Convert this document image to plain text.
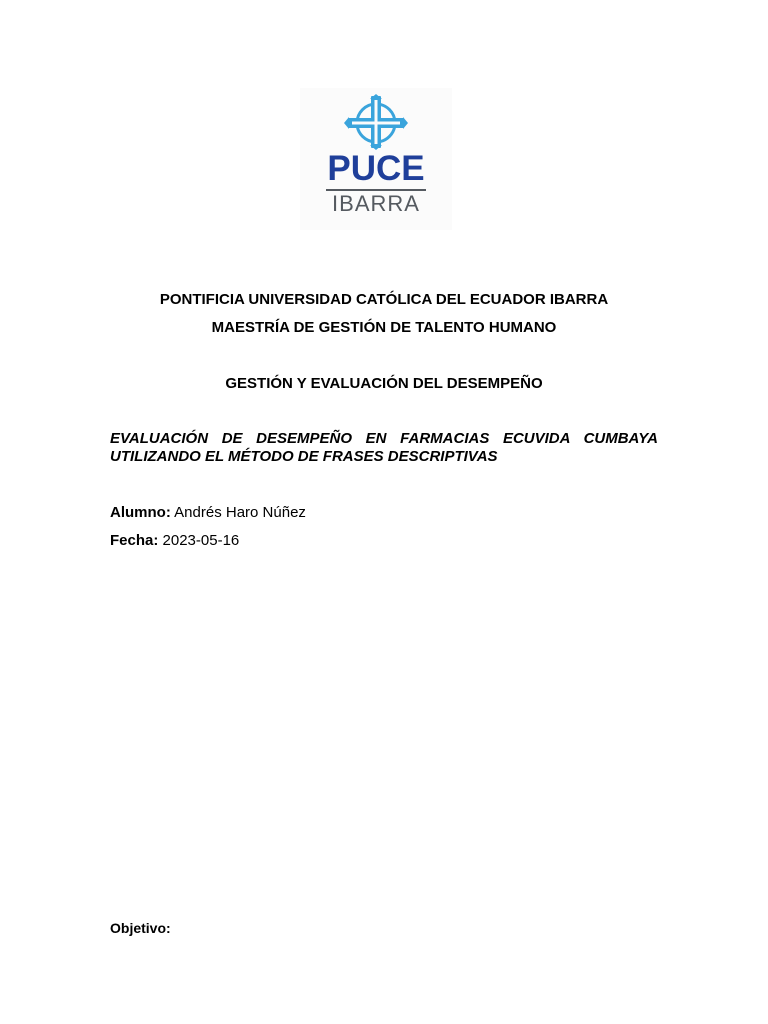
PUCE
IBARRA
PONTIFICIA UNIVERSIDAD CATÓLICA DEL ECUADOR IBARRA
MAESTRÍA DE GESTIÓN DE TALENTO HUMANO
GESTIÓN Y EVALUACIÓN DEL DESEMPEÑO
EVALUACIÓN DE DESEMPEÑO EN FARMACIAS ECUVIDA CUMBAYA UTILIZANDO EL MÉTODO DE FRASES DESCRIPTIVAS
Alumno: Andrés Haro Núñez
Fecha: 2023-05-16
Objetivo:
